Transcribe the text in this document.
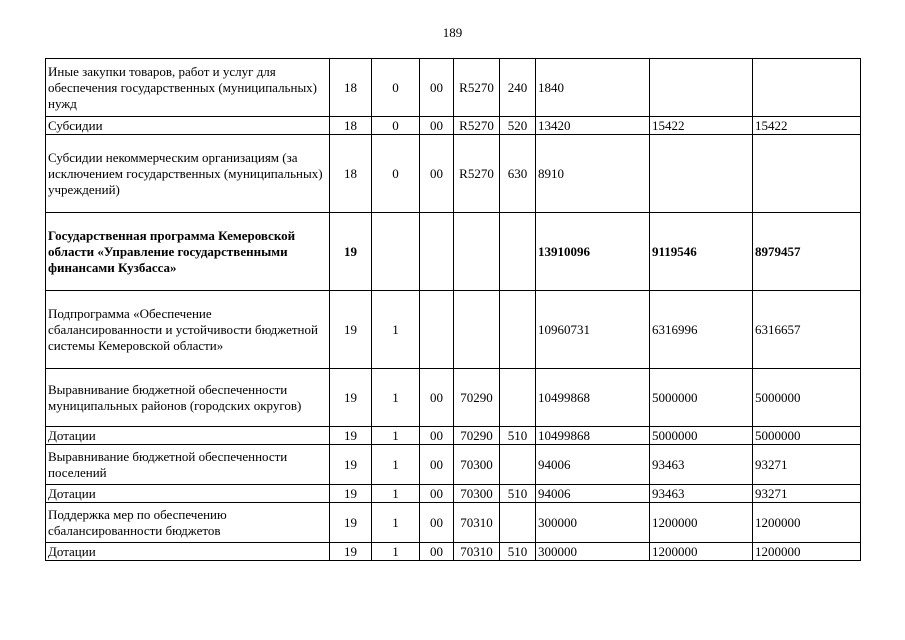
189
Иные закупки товаров, работ и услуг для обеспечения государственных (муниципальных) нужд	18	0	00	R5270	240	1840		
Субсидии	18	0	00	R5270	520	13420	15422	15422
Субсидии некоммерческим организациям (за исключением государственных (муниципальных) учреждений)	18	0	00	R5270	630	8910		
Государственная программа Кемеровской области «Управление государственными финансами Кузбасса»	19					13910096	9119546	8979457
Подпрограмма «Обеспечение сбалансированности и устойчивости бюджетной системы Кемеровской области»	19	1				10960731	6316996	6316657
Выравнивание бюджетной обеспеченности муниципальных районов (городских округов)	19	1	00	70290		10499868	5000000	5000000
Дотации	19	1	00	70290	510	10499868	5000000	5000000
Выравнивание бюджетной обеспеченности поселений	19	1	00	70300		94006	93463	93271
Дотации	19	1	00	70300	510	94006	93463	93271
Поддержка мер по обеспечению сбалансированности бюджетов	19	1	00	70310		300000	1200000	1200000
Дотации	19	1	00	70310	510	300000	1200000	1200000
